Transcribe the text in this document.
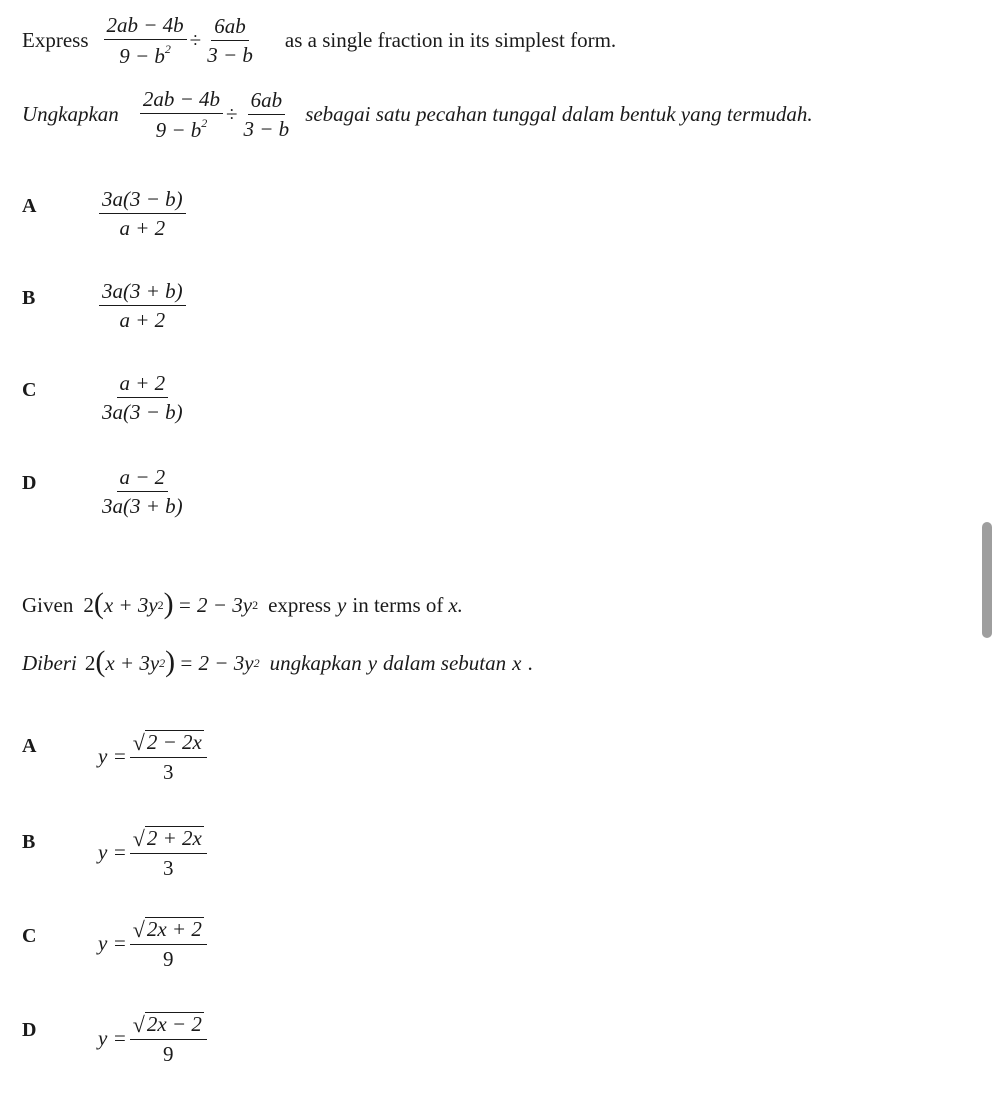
Express $\frac{2ab - 4b}{9 - b^2} \div \frac{6ab}{3 - b}$ as a single fraction in its simplest form.
Ungkapkan $\frac{2ab - 4b}{9 - b^2} \div \frac{6ab}{3 - b}$ sebagai satu pecahan tunggal dalam bentuk yang termudah.
A	$\frac{3a(3 - b)}{a + 2}$
B	$\frac{3a(3 + b)}{a + 2}$
C	$\frac{a + 2}{3a(3 - b)}$
D	$\frac{a - 2}{3a(3 + b)}$
Given 2 ( x + 3y 2 ) = 2 − 3y 2 express y in terms of x.
Diberi 2 ( x + 3y 2 ) = 2 − 3y 2 ungkapkan y dalam sebutan x .
A	$y = \frac{√ 2 - 2x}{3}$
B	$y = \frac{√ 2 + 2x}{3}$
C	$y = \frac{√ 2x + 2}{9}$
D	$y = \frac{√ 2x - 2}{9}$
